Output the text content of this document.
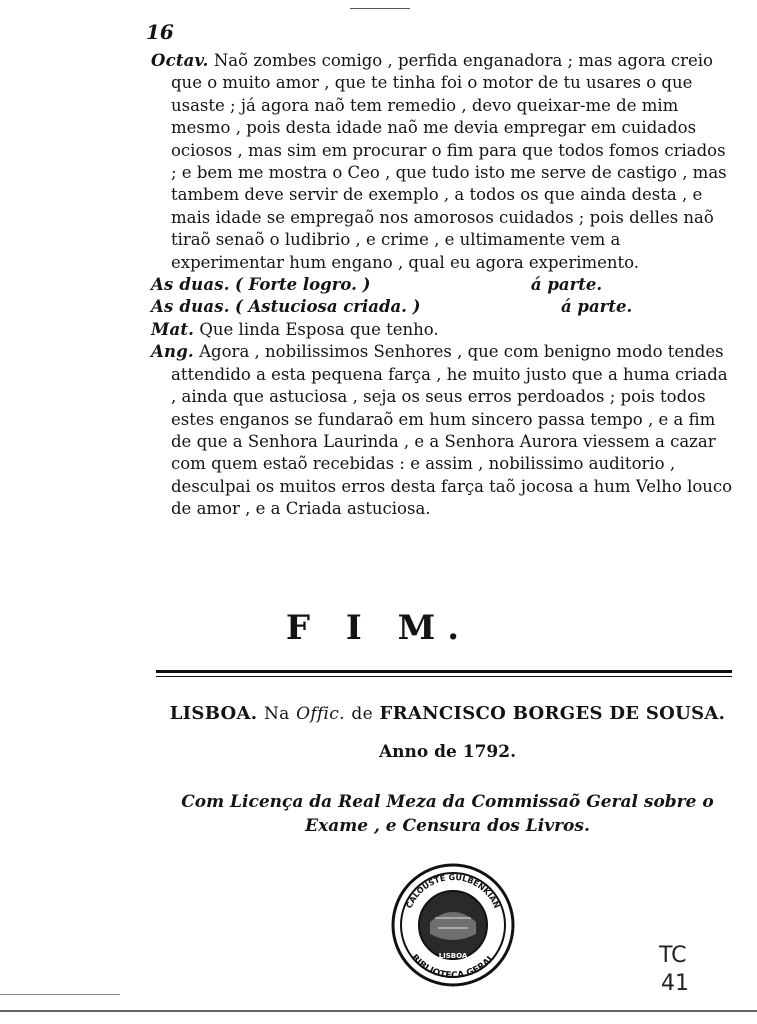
16
Octav. Naõ zombes comigo , perfida enganadora ; mas agora creio que o muito amor , que te tinha foi o motor de tu usares o que usaste ; já agora naõ tem remedio , devo queixar-me de mim mesmo , pois desta idade naõ me devia empregar em cuidados ociosos , mas sim em procurar o fim para que todos fomos criados ; e bem me mostra o Ceo , que tudo isto me serve de castigo , mas tambem deve servir de exemplo , a todos os que ainda desta , e mais idade se empregaõ nos amorosos cuidados ; pois delles naõ tiraõ senaõ o ludibrio , e crime , e ultimamente vem a experimentar hum engano , qual eu agora experimento.
As duas. ( Forte logro. )	á parte.
As duas. ( Astuciosa criada. )	á parte.
Mat. Que linda Esposa que tenho.
Ang. Agora , nobilissimos Senhores , que com benigno modo tendes attendido a esta pequena farça , he muito justo que a huma criada , ainda que astuciosa , seja os seus erros perdoados ; pois todos estes enganos se fundaraõ em hum sincero passa tempo , e a fim de que a Senhora Laurinda , e a Senhora Aurora viessem a cazar com quem estaõ recebidas : e assim , nobilissimo auditorio , desculpai os muitos erros desta farça taõ jocosa a hum Velho louco de amor , e a Criada astuciosa.
F I M.
LISBOA. Na Offic. de FRANCISCO BORGES DE SOUSA.
Anno de 1792.
Com Licença da Real Meza da Commissaõ Geral sobre o Exame , e Censura dos Livros.
CALOUSTE GULBENKIAN
LISBOA
BIBLIOTECA GERAL	TC
41
